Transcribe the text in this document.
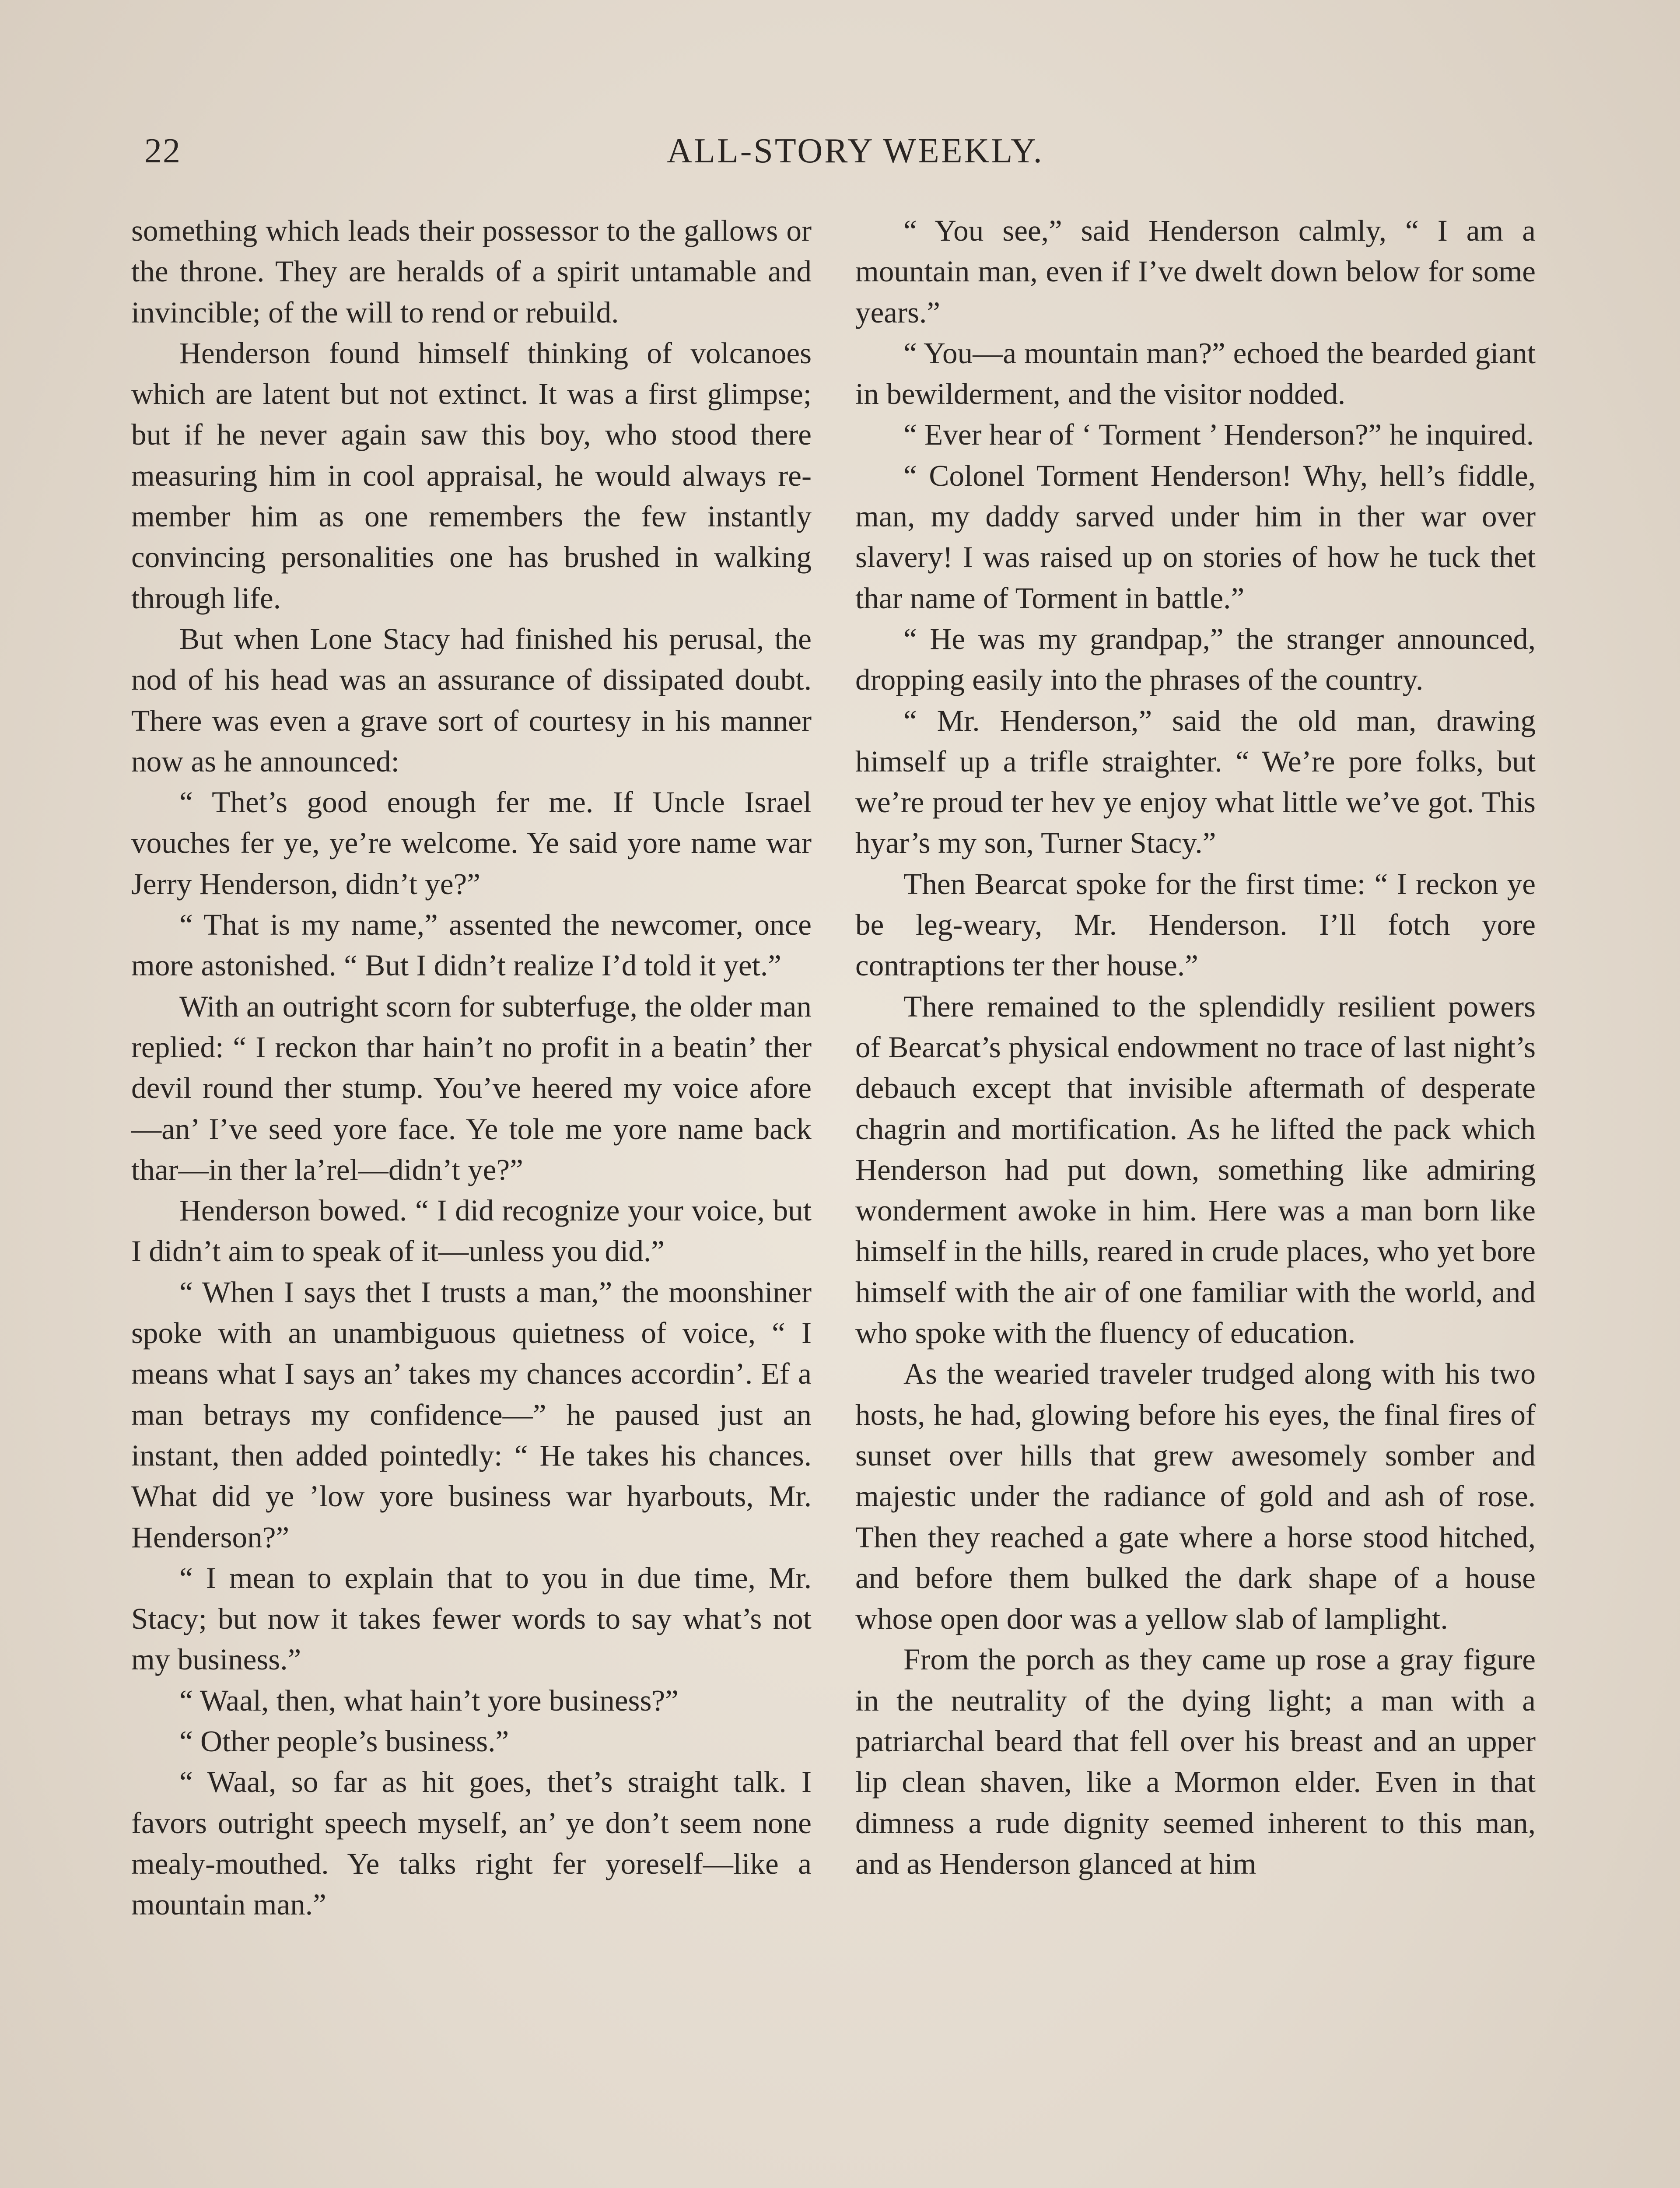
22	ALL-STORY WEEKLY.

something which leads their possessor to the gallows or the throne. They are heralds of a spirit untamable and invincible; of the will to rend or rebuild.

Henderson found himself thinking of volcanoes which are latent but not extinct. It was a first glimpse; but if he never again saw this boy, who stood there measuring him in cool appraisal, he would always remember him as one remembers the few instantly convincing personalities one has brushed in walking through life.

But when Lone Stacy had finished his perusal, the nod of his head was an assurance of dissipated doubt. There was even a grave sort of courtesy in his manner now as he announced:

“ Thet’s good enough fer me. If Uncle Israel vouches fer ye, ye’re welcome. Ye said yore name war Jerry Henderson, didn’t ye?”

“ That is my name,” assented the newcomer, once more astonished. “ But I didn’t realize I’d told it yet.”

With an outright scorn for subterfuge, the older man replied: “ I reckon thar hain’t no profit in a beatin’ ther devil round ther stump. You’ve heered my voice afore—an’ I’ve seed yore face. Ye tole me yore name back thar—in ther la’rel—didn’t ye?”

Henderson bowed. “ I did recognize your voice, but I didn’t aim to speak of it—unless you did.”

“ When I says thet I trusts a man,” the moonshiner spoke with an unambiguous quietness of voice, “ I means what I says an’ takes my chances accordin’. Ef a man betrays my confidence—” he paused just an instant, then added pointedly: “ He takes his chances. What did ye ’low yore business war hyarbouts, Mr. Henderson?”

“ I mean to explain that to you in due time, Mr. Stacy; but now it takes fewer words to say what’s not my business.”

“ Waal, then, what hain’t yore business?”

“ Other people’s business.”

“ Waal, so far as hit goes, thet’s straight talk. I favors outright speech myself, an’ ye don’t seem none mealy-mouthed. Ye talks right fer yoreself—like a mountain man.”

“ You see,” said Henderson calmly, “ I am a mountain man, even if I’ve dwelt down below for some years.”

“ You—a mountain man?” echoed the bearded giant in bewilderment, and the visitor nodded.

“ Ever hear of ‘ Torment ’ Henderson?” he inquired.

“ Colonel Torment Henderson! Why, hell’s fiddle, man, my daddy sarved under him in ther war over slavery! I was raised up on stories of how he tuck thet thar name of Torment in battle.”

“ He was my grandpap,” the stranger announced, dropping easily into the phrases of the country.

“ Mr. Henderson,” said the old man, drawing himself up a trifle straighter. “ We’re pore folks, but we’re proud ter hev ye enjoy what little we’ve got. This hyar’s my son, Turner Stacy.”

Then Bearcat spoke for the first time: “ I reckon ye be leg-weary, Mr. Henderson. I’ll fotch yore contraptions ter ther house.”

There remained to the splendidly resilient powers of Bearcat’s physical endowment no trace of last night’s debauch except that invisible aftermath of desperate chagrin and mortification. As he lifted the pack which Henderson had put down, something like admiring wonderment awoke in him. Here was a man born like himself in the hills, reared in crude places, who yet bore himself with the air of one familiar with the world, and who spoke with the fluency of education.

As the wearied traveler trudged along with his two hosts, he had, glowing before his eyes, the final fires of sunset over hills that grew awesomely somber and majestic under the radiance of gold and ash of rose. Then they reached a gate where a horse stood hitched, and before them bulked the dark shape of a house whose open door was a yellow slab of lamplight.

From the porch as they came up rose a gray figure in the neutrality of the dying light; a man with a patriarchal beard that fell over his breast and an upper lip clean shaven, like a Mormon elder. Even in that dimness a rude dignity seemed inherent to this man, and as Henderson glanced at him
